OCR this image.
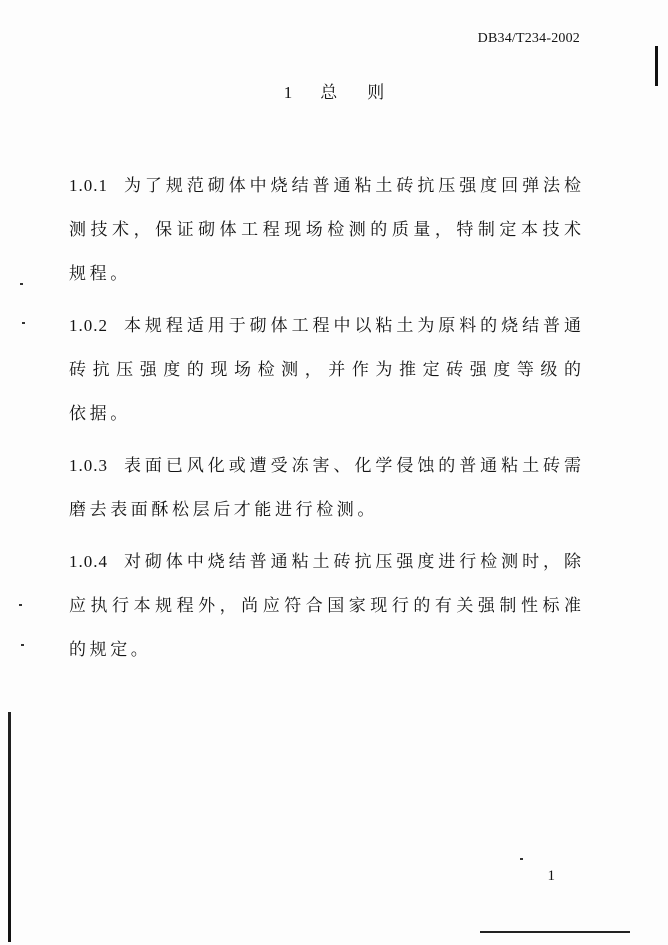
DB34/T234-2002
1 总 则
1.0.1 为了规范砌体中烧结普通粘土砖抗压强度回弹法检
测技术，保证砌体工程现场检测的质量，特制定本技术
规程。
1.0.2 本规程适用于砌体工程中以粘土为原料的烧结普通
砖抗压强度的现场检测，并作为推定砖强度等级的
依据。
1.0.3 表面已风化或遭受冻害、化学侵蚀的普通粘土砖需
磨去表面酥松层后才能进行检测。
1.0.4 对砌体中烧结普通粘土砖抗压强度进行检测时，除
应执行本规程外，尚应符合国家现行的有关强制性标准
的规定。
1
